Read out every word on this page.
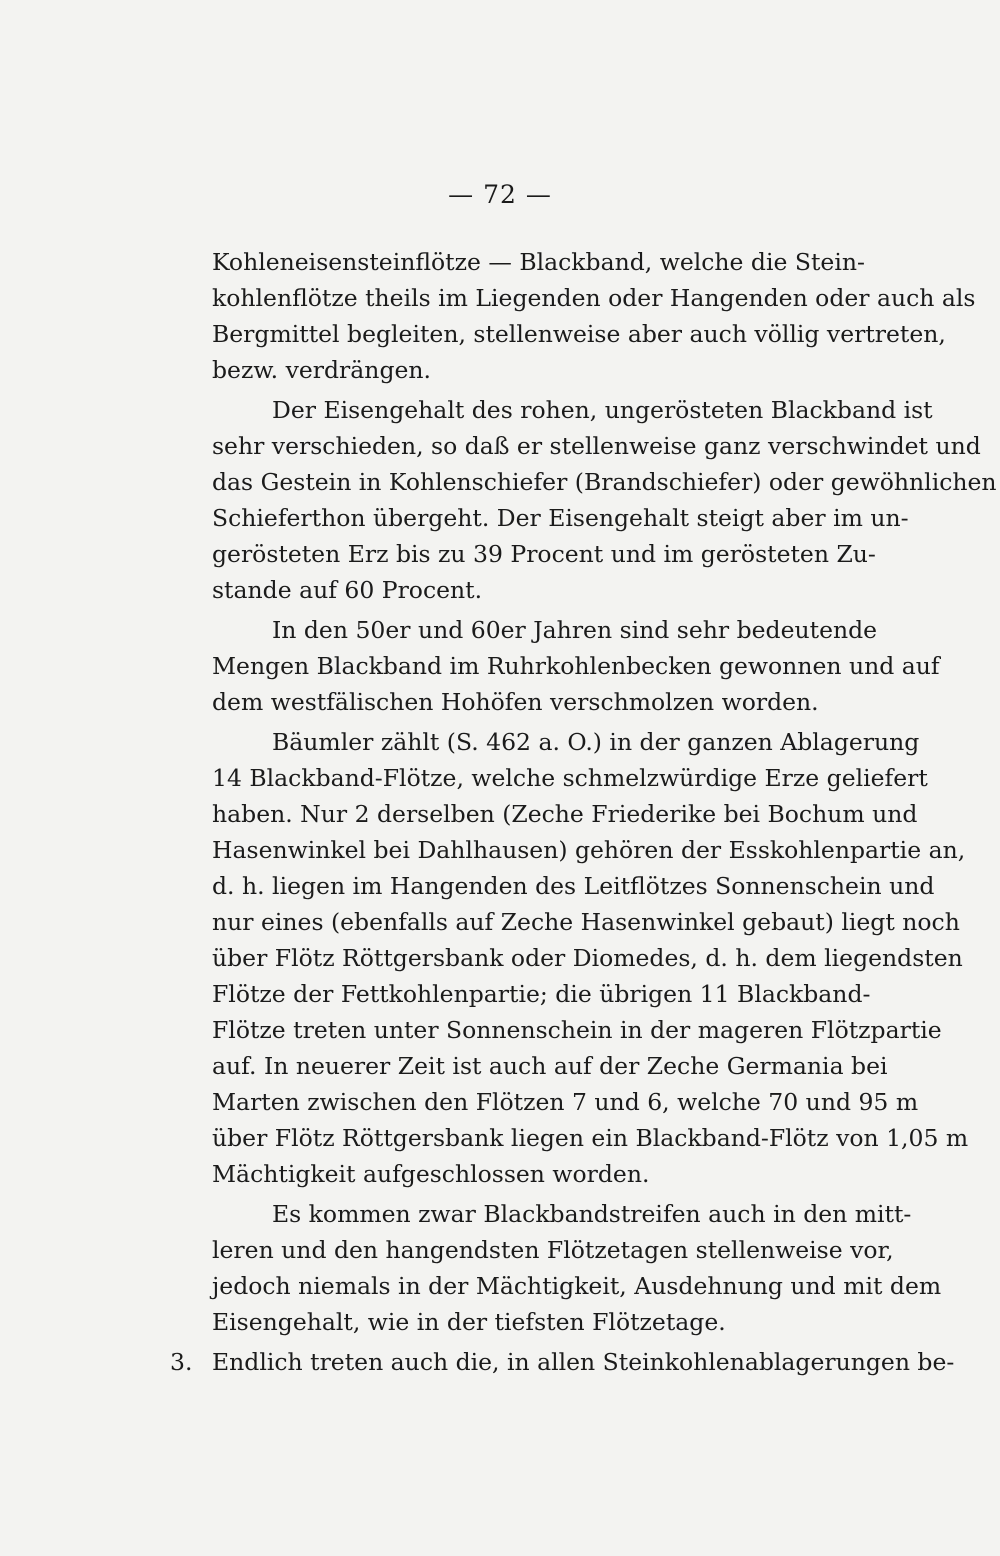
— 72 —
Kohleneisensteinflötze — Blackband, welche die Stein-
kohlenflötze theils im Liegenden oder Hangenden oder auch als
Bergmittel begleiten, stellenweise aber auch völlig vertreten,
bezw. verdrängen.
Der Eisengehalt des rohen, ungerösteten Blackband ist
sehr verschieden, so daß er stellenweise ganz verschwindet und
das Gestein in Kohlenschiefer (Brandschiefer) oder gewöhnlichen
Schieferthon übergeht. Der Eisengehalt steigt aber im un-
gerösteten Erz bis zu 39 Procent und im gerösteten Zu-
stande auf 60 Procent.
In den 50er und 60er Jahren sind sehr bedeutende
Mengen Blackband im Ruhrkohlenbecken gewonnen und auf
dem westfälischen Hohöfen verschmolzen worden.
Bäumler zählt (S. 462 a. O.) in der ganzen Ablagerung
14 Blackband-Flötze, welche schmelzwürdige Erze geliefert
haben. Nur 2 derselben (Zeche Friederike bei Bochum und
Hasenwinkel bei Dahlhausen) gehören der Esskohlenpartie an,
d. h. liegen im Hangenden des Leitflötzes Sonnenschein und
nur eines (ebenfalls auf Zeche Hasenwinkel gebaut) liegt noch
über Flötz Röttgersbank oder Diomedes, d. h. dem liegendsten
Flötze der Fettkohlenpartie; die übrigen 11 Blackband-
Flötze treten unter Sonnenschein in der mageren Flötzpartie
auf. In neuerer Zeit ist auch auf der Zeche Germania bei
Marten zwischen den Flötzen 7 und 6, welche 70 und 95 m
über Flötz Röttgersbank liegen ein Blackband-Flötz von 1,05 m
Mächtigkeit aufgeschlossen worden.
Es kommen zwar Blackbandstreifen auch in den mitt-
leren und den hangendsten Flötzetagen stellenweise vor,
jedoch niemals in der Mächtigkeit, Ausdehnung und mit dem
Eisengehalt, wie in der tiefsten Flötzetage.
3. Endlich treten auch die, in allen Steinkohlenablagerungen be-
